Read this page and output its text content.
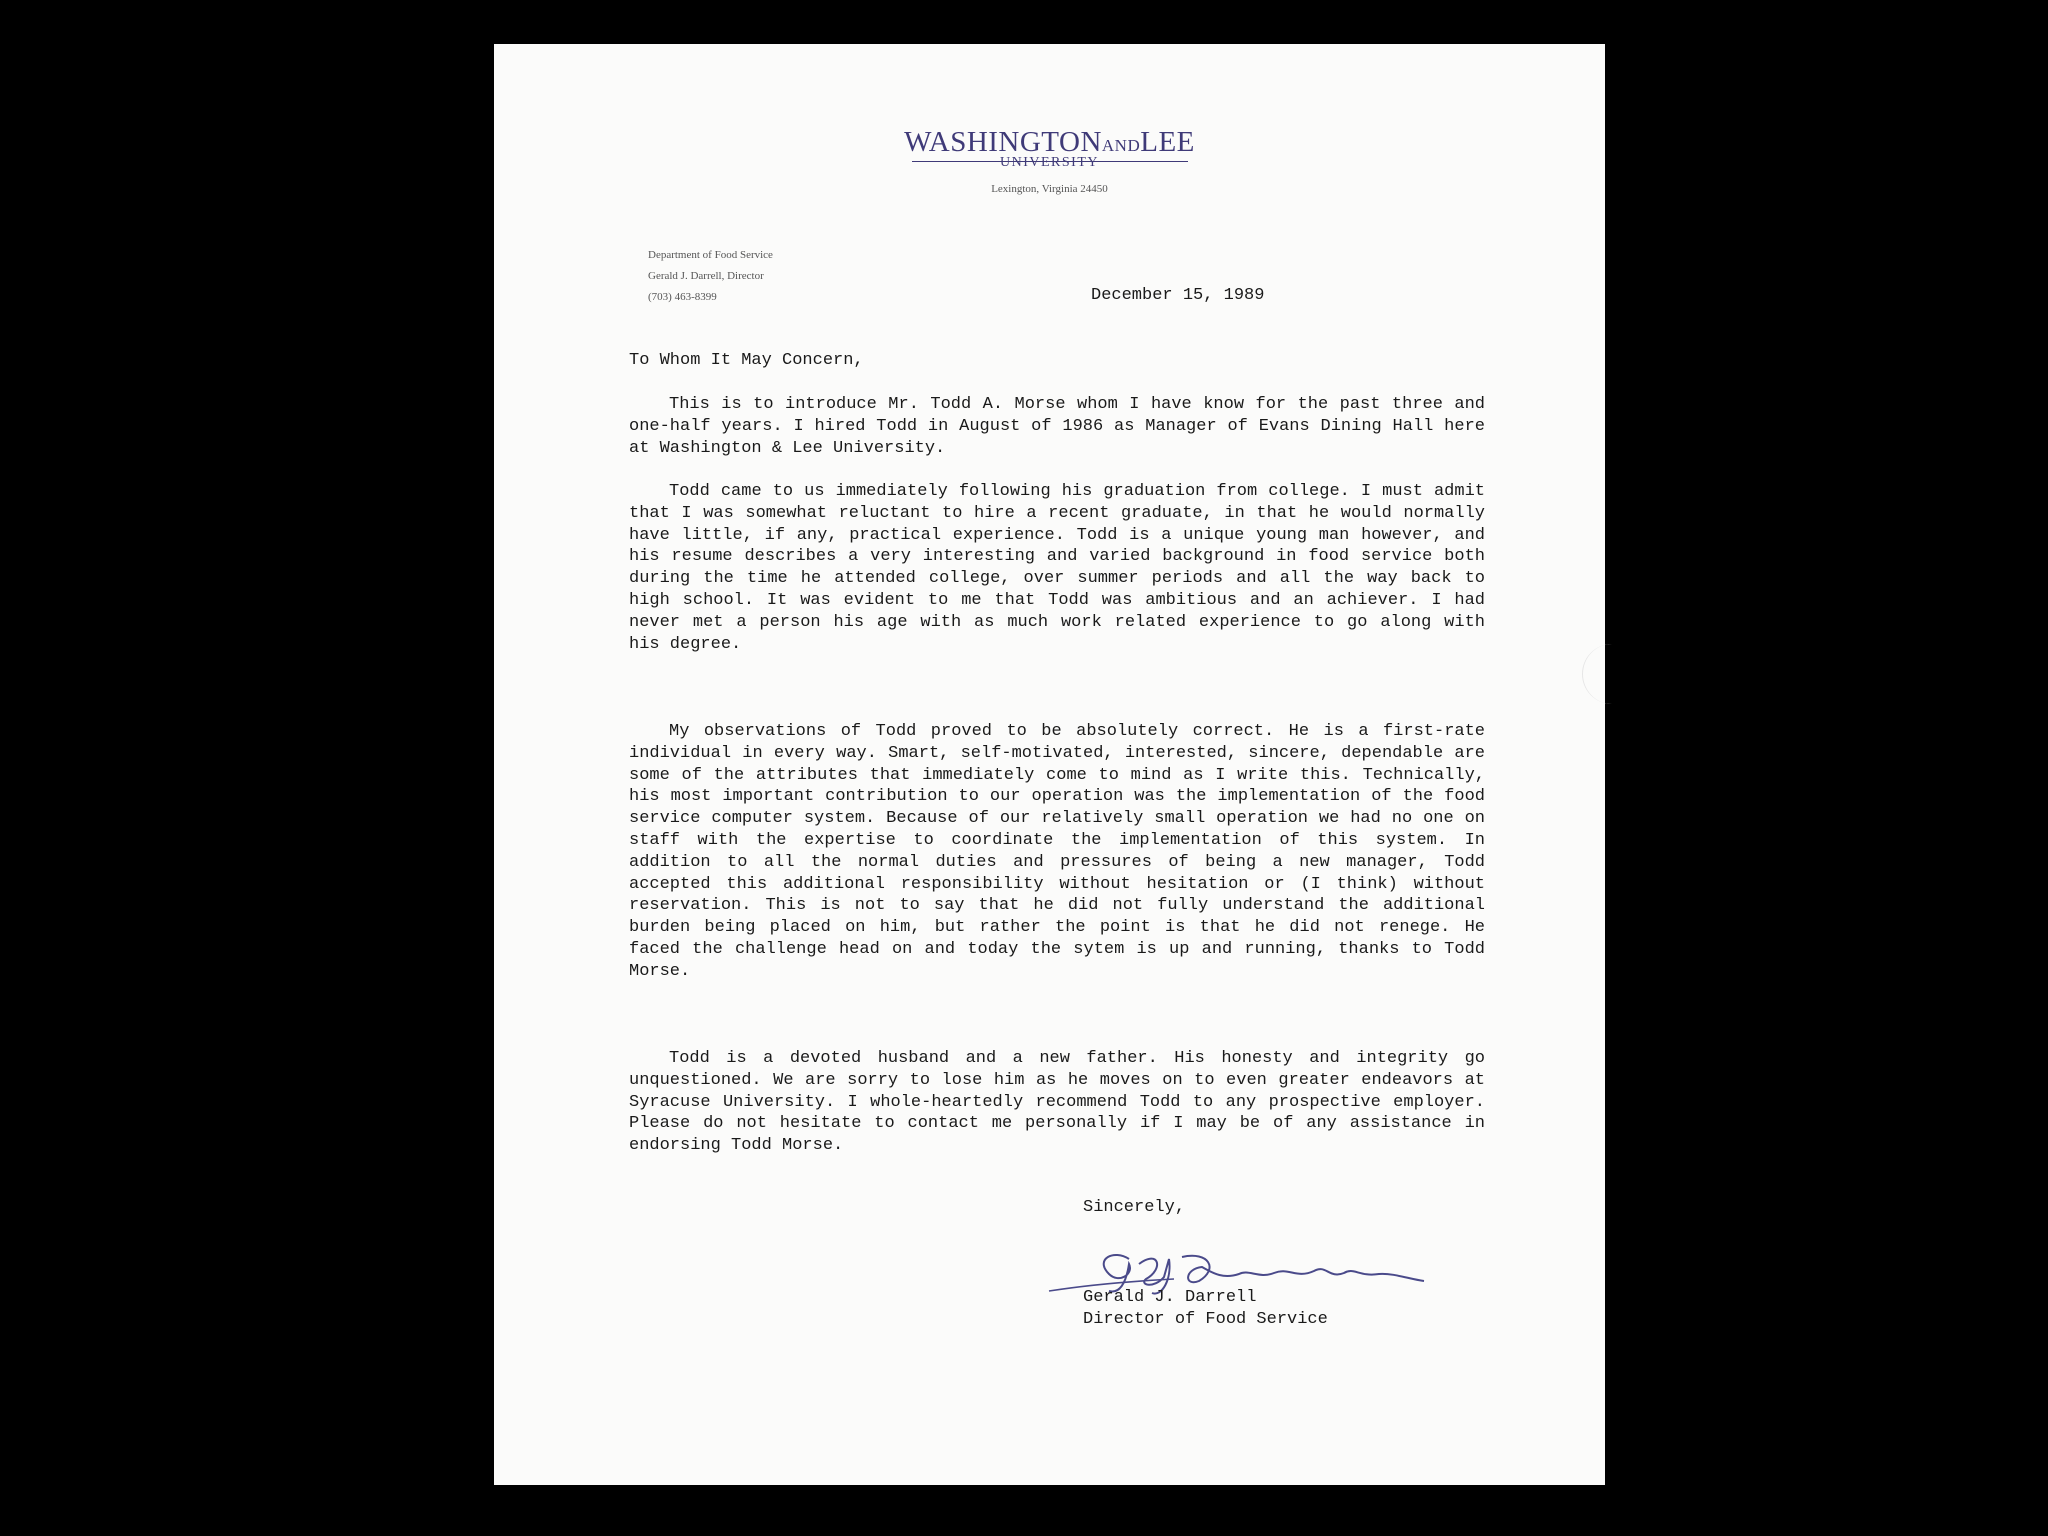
WASHINGTONANDLEE
UNIVERSITY
Lexington, Virginia 24450
Department of Food Service
Gerald J. Darrell, Director
(703) 463-8399	December 15, 1989
To Whom It May Concern,

This is to introduce Mr. Todd A. Morse whom I have know for the past three and one-half years. I hired Todd in August of 1986 as Manager of Evans Dining Hall here at Washington & Lee University.

Todd came to us immediately following his graduation from college. I must admit that I was somewhat reluctant to hire a recent graduate, in that he would normally have little, if any, practical experience. Todd is a unique young man however, and his resume describes a very interesting and varied background in food service both during the time he attended college, over summer periods and all the way back to high school. It was evident to me that Todd was ambitious and an achiever. I had never met a person his age with as much work related experience to go along with his degree.

My observations of Todd proved to be absolutely correct. He is a first-rate individual in every way. Smart, self-motivated, interested, sincere, dependable are some of the attributes that immediately come to mind as I write this. Technically, his most important contribution to our operation was the implementation of the food service computer system. Because of our relatively small operation we had no one on staff with the expertise to coordinate the implementation of this system. In addition to all the normal duties and pressures of being a new manager, Todd accepted this additional responsibility without hesitation or (I think) without reservation. This is not to say that he did not fully understand the additional burden being placed on him, but rather the point is that he did not renege. He faced the challenge head on and today the sytem is up and running, thanks to Todd Morse.

Todd is a devoted husband and a new father. His honesty and integrity go unquestioned. We are sorry to lose him as he moves on to even greater endeavors at Syracuse University. I whole-heartedly recommend Todd to any prospective employer. Please do not hesitate to contact me personally if I may be of any assistance in endorsing Todd Morse.

Sincerely,
Gerald J. Darrell
Director of Food Service
